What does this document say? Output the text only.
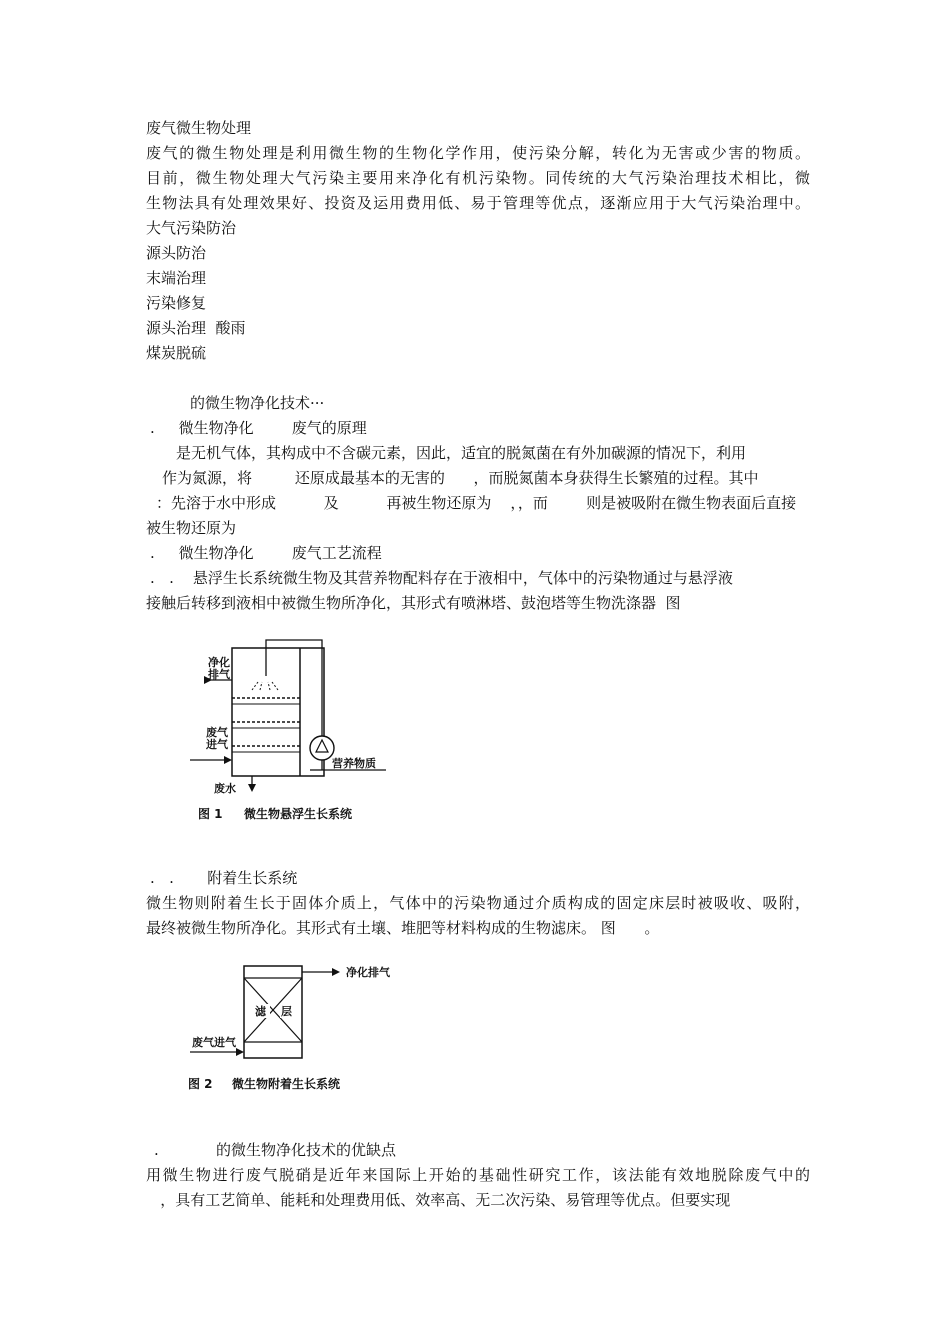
废气微生物处理
废气的微生物处理是利用微生物的生物化学作用，使污染分解，转化为无害或少害的物质。
目前，微生物处理大气污染主要用来净化有机污染物。同传统的大气污染治理技术相比，微
生物法具有处理效果好、投资及运用费用低、易于管理等优点，逐渐应用于大气污染治理中。
大气污染防治
源头防治
末端治理
污染修复
源头治理  酸雨
煤炭脱硫
的微生物净化技术···
.     微生物净化        废气的原理
是无机气体，其构成中不含碳元素，因此，适宜的脱氮菌在有外加碳源的情况下，利用
作为氮源，将         还原成最基本的无害的      ，而脱氮菌本身获得生长繁殖的过程。其中
：先溶于水中形成          及          再被生物还原为    ，，而        则是被吸附在微生物表面后直接
被生物还原为
.     微生物净化        废气工艺流程
.   .    悬浮生长系统微生物及其营养物配料存在于液相中，气体中的污染物通过与悬浮液
接触后转移到液相中被微生物所净化，其形式有喷淋塔、鼓泡塔等生物洗涤器  图
净化
排气
废气
进气
营养物质
废水
图 1 微生物悬浮生长系统
.   .       附着生长系统
微生物则附着生长于固体介质上，气体中的污染物通过介质构成的固定床层时被吸收、吸附，
最终被微生物所净化。其形式有土壤、堆肥等材料构成的生物滤床。 图      。
滤 层
净化排气
废气进气
图 2 微生物附着生长系统
.            的微生物净化技术的优缺点
用微生物进行废气脱硝是近年来国际上开始的基础性研究工作，该法能有效地脱除废气中的
，具有工艺简单、能耗和处理费用低、效率高、无二次污染、易管理等优点。但要实现
